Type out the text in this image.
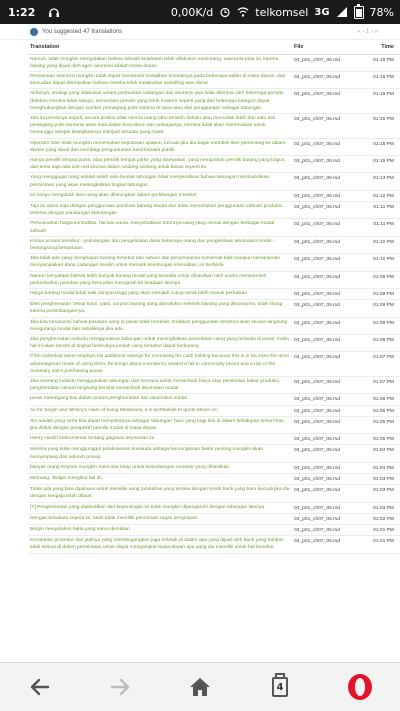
1:22	0,00K/d	telkomsel 3G	78%
You suggested 47 translations	« ‹ 1 › »
Translation	File	Time
Namun, tidak mungkin mengatakan bahwa sebuah kejahatan telah dilakukan seseorang, saat pola-pola ini, karena barang yang dijual oleh agen asuransi adalah masa depan	03_p01_ch07_06.md	01:16 PM
Persamaan asuransi mungkin tidak dapat memenuhi kewajiban kontraknya pada beberapa waktu di masa depan, dan kemudian dapat disimpulkan bahwa mereka telah melakukan swindling atas dasar	03_p01_ch07_06.md	01:16 PM
Akhirnya, analogi yang dilakukan antara perbankan cadangan dan asuransi jiwa tidak diterima oleh beberapa penulis (bahkan mereka tidak setuju), sementara penulis yang lebih modern seperti yang dari beberapa kategori dapat menghubungkan dengan sumber pemegang polis selama di sana atau dari penggunaan sebagai tabungan	03_p01_ch07_06.md	01:16 PM
Jika ini persisnya terjadi, secara praktis tidak semua orang tahu terlebih dahulu atau mencetak lebih dari satu kali pemegang polis asuransi akan mati dalam lima tahun dan sebagainya, mereka tidak akan meneruskan untuk menunggu sampai kewajibannya menjadi sesuatu yang nyata	03_p01_ch07_06.md	01:15 PM
Operator loter tidak mungkin menentukan keputusan apapun, kecuali jika dia bagai membeli tiket pemenang ke dalam tiketan yang dijual dan membagi pengumuman hasil kepada publik	03_p01_ch07_06.md	01:15 PM
Hanya pemilik tempat parkir, atau pemilik tempat parkir yang disewakan, yang merupakan pemilik barang yang bagus, dan tentu saja ada unit-unit khusus dalam undang-undang untuk kasus seperti itu	03_p01_ch07_06.md	01:15 PM
Yang menggugat uang adalah salah satu bentuk tabungan tidak menyerahkan bahwa tabungan membutuhkan permintaan yang akan meningkatkan tingkat tabungan	03_p01_ch07_06.md	01:13 PM
Ini hanya mengubah item uang akan dihitungkan dalam perhitungan moneter	03_p01_ch07_06.md	01:12 PM
Tapi ini sama saja dengan penggunaan panduan barang modal dan tidak memerlukan penggunaan sebuah produksi tertentu dengan pandangan kekurangan	03_p01_ch07_05.md	01:11 PM
Pemusnahan harga komoditas, hal lain sama, menyebabkan turunnya uang yang sesuai dengan berbagai modal sebuah	03_p01_ch07_05.md	01:11 PM
Kedua proses tersebut - pelindungan dan pengelolaan dana beberapa orang dan pengelolaan akumulasi modal - berlangsung bersamaan	03_p01_ch07_05.md	01:10 PM
Jika tidak ada yang menghapus barang tersebut dan saham dari penyimpanan komersial baik maupun kemampuan menyampaikan dana cadangan sendiri untuk menarik keuntungan komoditas, ini berbeda	03_p01_ch07_05.md	01:10 PM
Namun kenyataan bahwa lebih banyak barang modal yang tersedia untuk dihasilkan oleh usaha memperoleh pertumbuhan pasokan yang kemudian mengarah ke keadaan lainnya	03_p01_ch07_05.md	01:09 PM
Harga barang modal tidak naik sampai tinggi yang akan menjadi cukup untuk lebih masuk perbaikan	03_p01_ch07_05.md	01:09 PM
Efek penghematan 'temat kami, yaitu, surplus barang yang diproduksi melebihi barang yang dikonsumsi, tidak hilang karena pertimbangannya	03_p01_ch07_05.md	01:09 PM
Jika kita berasumsi bahwa pasokan uang di pasar tidak berubah, tindakan penggunaan tersebut akan secara langsung mengurangi modal dan sebaliknya jika ada	03_p01_ch07_05.md	01:09 PM
Jika penghematan individu menggunakan tabungan untuk meningkatkan persediaan uang yang tersedia di pasar, maka hal ini akan berarti di tingkat berikutnya jumlah uang tersebut dapat berkurang	03_p01_ch07_05.md	01:08 PM
If the individual saver employs his additional savings for increasing his cash holding because this is in his eyes the most advantageous mode of using them, he brings about a tendency toward a fall in commodity prices and a rise in the monetary unit's purchasing power	03_p01_ch07_05.md	01:07 PM
Jika seorang individu menggunakan tabungan dan rencana untuk menambah biaya atau pembelian faktor produksi, penghematan secara langsung bersifat menambah akumulasi modal	03_p01_ch07_05.md	01:07 PM
peran memegang kas dalam proses penghematan dan akumulasi modal	03_p01_ch07_05.md	01:06 PM
As for Seigin and Whitey's claim of being Melanians, it is worthwhile to quote Mises on:	03_p01_ch07_05.md	01:06 PM
Sin adalah yang serta kita dapat menyebutnya sebagai 'tabungan' baru yang bagi kita di dalam kehidupan sehari-hari, jika dilihat dengan perspektif pemilik modal di masa depan	03_p01_ch07_05.md	01:05 PM
Henry Hazlitt berkomentar tentang gagasan keynesian ini	03_p01_ch07_05.md	01:05 PM
Mereka yang tidak menggunggut pelaksanaan kosakata sebagai kemungkinan faktor penting mungkin akan menyimpang dari seluruh prinsip	03_p01_ch07_05.md	01:04 PM
banyak orang Keynes mungkin mencoba tetap untuk kesimbangan moneter yang dihasilkan	03_p01_ch07_05.md	01:04 PM
Memang, 'Belgin mengikut hal itu	03_p01_ch07_05.md	01:03 PM
Tidak ada yang bisa dipahasa untuk memiliki uang tambahan yang tersisa dengan kredit bank yang baru kecuali jika dia dengan sengaja telah dibuat	03_p01_ch07_05.md	01:03 PM
[T] Penghematan yang diaktualkan dari kepentingan ini tidak mungkin dipengaruhi dengan tabungan lainnya	03_p01_ch07_05.md	01:03 PM
Dengan kosakata seperti ini, bank tidak memiliki penentuan tugas penyimpan	03_p01_ch07_05.md	01:02 PM
Belgin menyatakan fakta yang sama demikian	03_p01_ch07_05.md	01:01 PM
Kesalahan prosedur dari jadinya yang membingungkan juga terletak di dalam apa yang dijual oleh bank yang bahkan tidak sesuai di dalam permintaan untuk dapat mengangkat masa depan apa yang dia memiliki untuk hal tersebut	03_p01_ch07_05.md	01:01 PM
4
